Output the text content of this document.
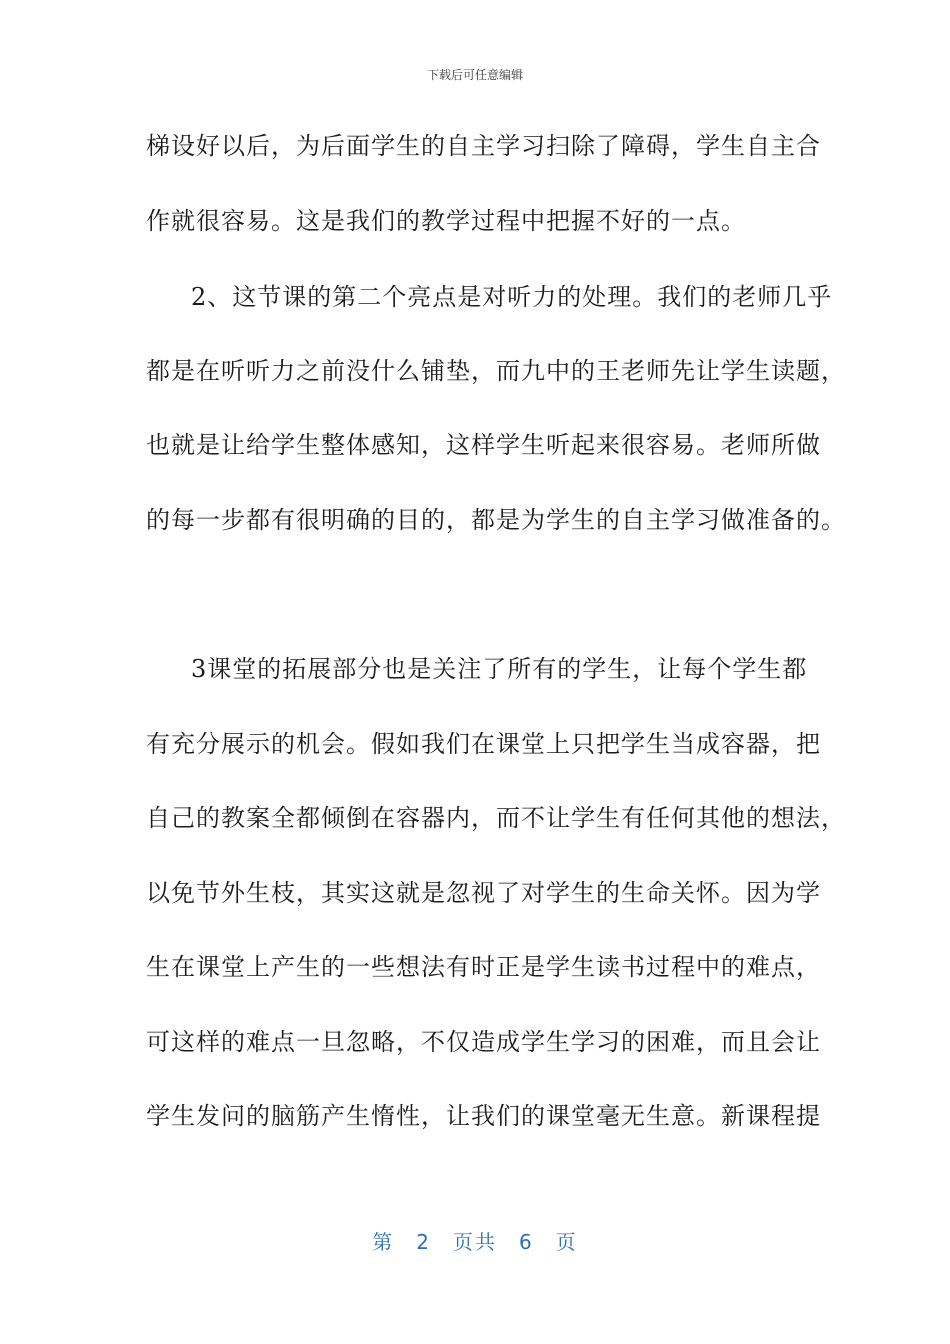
下载后可任意编辑
梯设好以后，为后面学生的自主学习扫除了障碍，学生自主合
作就很容易。这是我们的教学过程中把握不好的一点。
2、这节课的第二个亮点是对听力的处理。我们的老师几乎
都是在听听力之前没什么铺垫，而九中的王老师先让学生读题，
也就是让给学生整体感知，这样学生听起来很容易。老师所做
的每一步都有很明确的目的，都是为学生的自主学习做准备的。
3课堂的拓展部分也是关注了所有的学生，让每个学生都
有充分展示的机会。假如我们在课堂上只把学生当成容器，把
自己的教案全都倾倒在容器内，而不让学生有任何其他的想法，
以免节外生枝，其实这就是忽视了对学生的生命关怀。因为学
生在课堂上产生的一些想法有时正是学生读书过程中的难点，
可这样的难点一旦忽略，不仅造成学生学习的困难，而且会让
学生发问的脑筋产生惰性，让我们的课堂毫无生意。新课程提
第 2 页共 6 页
